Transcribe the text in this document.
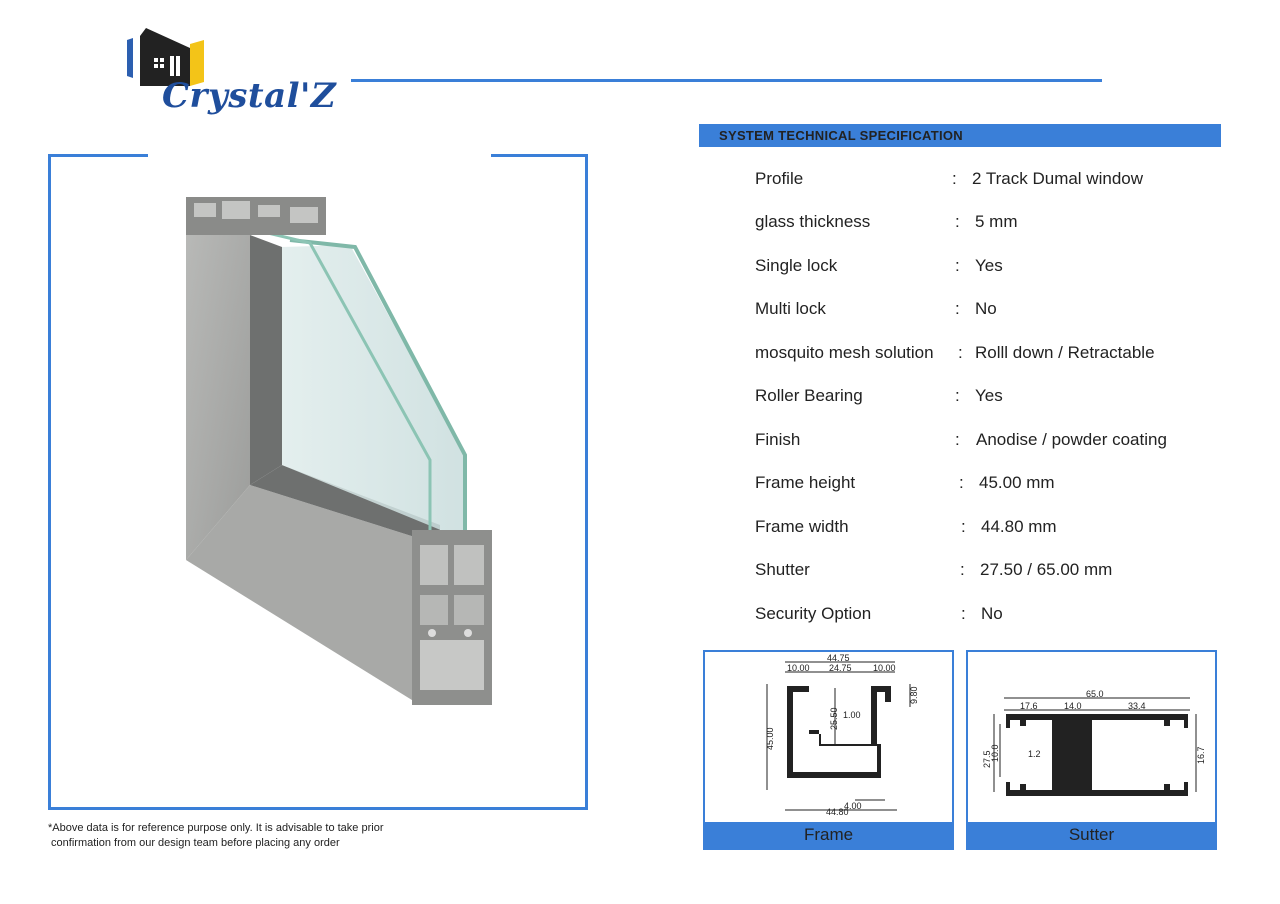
Crystal'Z
*Above data is for reference purpose only. It is advisable to take prior
confirmation from our design team before placing any order
SYSTEM TECHNICAL SPECIFICATION
Profile	: 2 Track Dumal window
glass thickness	: 5 mm
Single lock	: Yes
Multi lock	: No
mosquito mesh solution : Rolll down / Retractable
Roller Bearing	: Yes
Finish	: Anodise / powder coating
Frame height	: 45.00 mm
Frame width	: 44.80 mm
Shutter	: 27.50 / 65.00 mm
Security Option	: No
44.75
10.00 24.75 10.00
1.00
4.00
44.80
45.00
25.50
9.80
Frame
65.0
17.6	14.0	33.4
1.2
27.5
10.0	16.7
Sutter
